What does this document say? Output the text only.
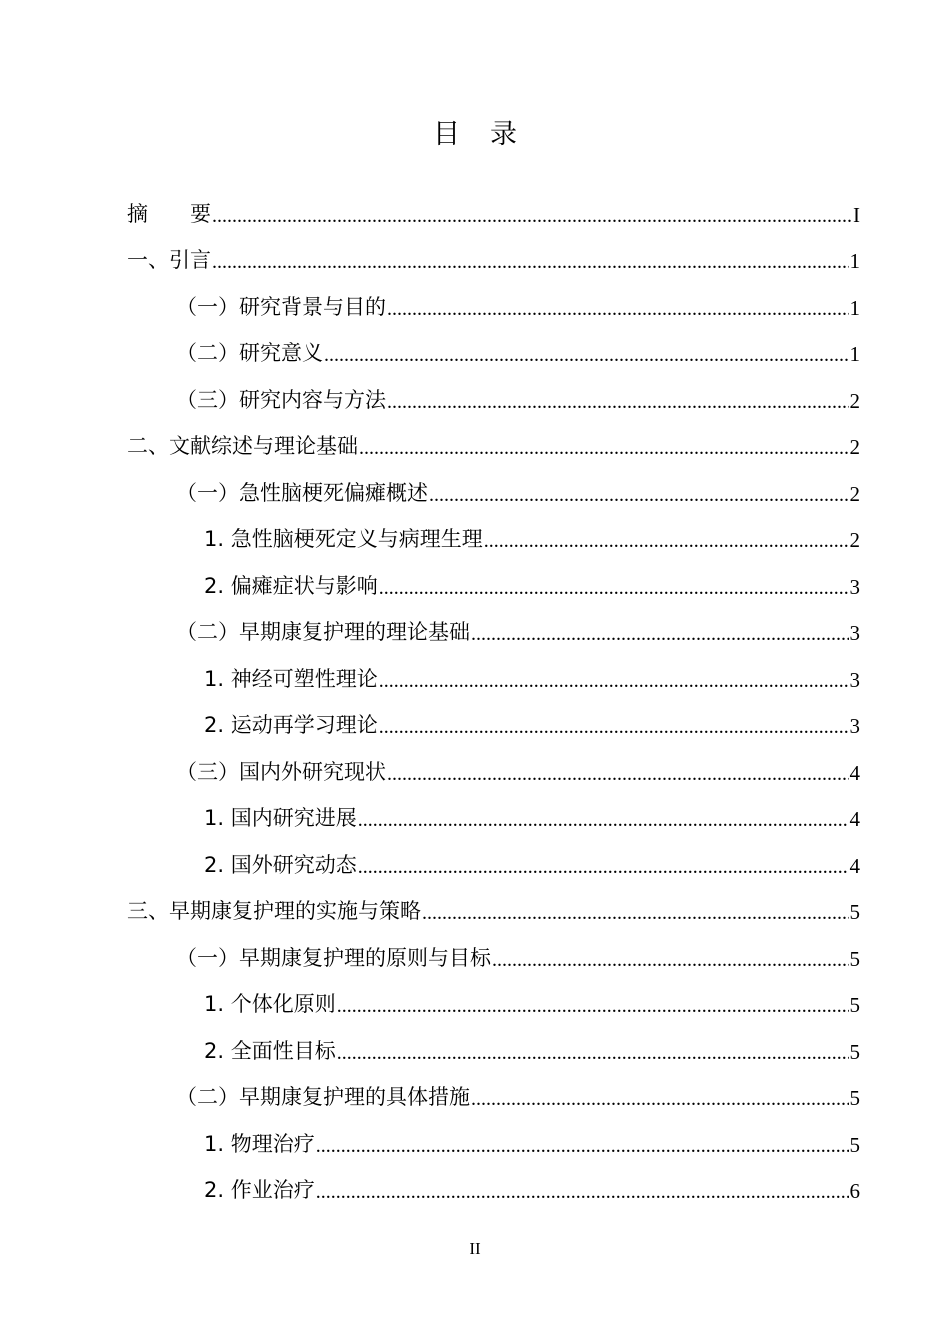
目录
摘　　要 .....	I
一、引言 .....	1
（一）研究背景与目的 .....	1
（二）研究意义 .....	1
（三）研究内容与方法 .....	2
二、文献综述与理论基础 .....	2
（一）急性脑梗死偏瘫概述 .....	2
1. 急性脑梗死定义与病理生理 .....	2
2. 偏瘫症状与影响 .....	3
（二）早期康复护理的理论基础 .....	3
1. 神经可塑性理论 .....	3
2. 运动再学习理论 .....	3
（三）国内外研究现状 .....	4
1. 国内研究进展 .....	4
2. 国外研究动态 .....	4
三、早期康复护理的实施与策略 .....	5
（一）早期康复护理的原则与目标 .....	5
1. 个体化原则 .....	5
2. 全面性目标 .....	5
（二）早期康复护理的具体措施 .....	5
1. 物理治疗 .....	5
2. 作业治疗 .....	6
II
